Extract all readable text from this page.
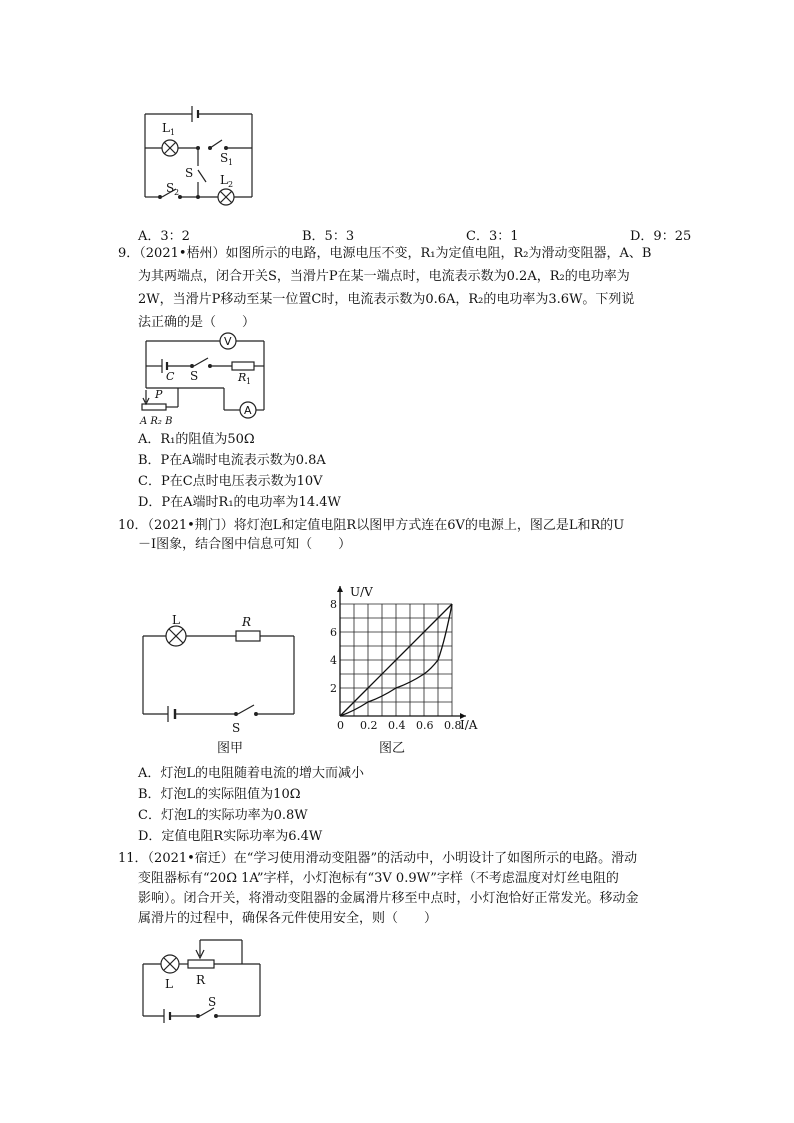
L 1
S 1
S
S 2
L 2
A．3：2	B．5：3	C．3：1	D．9：25
9．（2021•梧州）如图所示的电路，电源电压不变，R₁为定值电阻，R₂为滑动变阻器，A、B
为其两端点，闭合开关S，当滑片P在某一端点时，电流表示数为0.2A，R₂的电功率为
2W，当滑片P移动至某一位置C时，电流表示数为0.6A，R₂的电功率为3.6W。下列说
法正确的是（　　）
V
A
C S	R 1
P
A R₂ B
A．R₁的阻值为50Ω
B．P在A端时电流表示数为0.8A
C．P在C点时电压表示数为10V
D．P在A端时R₁的电功率为14.4W
10．（2021•荆门）将灯泡L和定值电阻R以图甲方式连在6V的电源上，图乙是L和R的U
－I图象，结合图中信息可知（　　）
L	R
S
图甲
0 0.2 0.4 0.6 0.8
2
4
6
8
I/A
U/V
图乙
A．灯泡L的电阻随着电流的增大而减小
B．灯泡L的实际阻值为10Ω
C．灯泡L的实际功率为0.8W
D．定值电阻R实际功率为6.4W
11．（2021•宿迁）在“学习使用滑动变阻器”的活动中，小明设计了如图所示的电路。滑动
变阻器标有“20Ω 1A”字样，小灯泡标有“3V 0.9W”字样（不考虑温度对灯丝电阻的
影响）。闭合开关，将滑动变阻器的金属滑片移至中点时，小灯泡恰好正常发光。移动金
属滑片的过程中，确保各元件使用安全，则（　　）
L R
S
